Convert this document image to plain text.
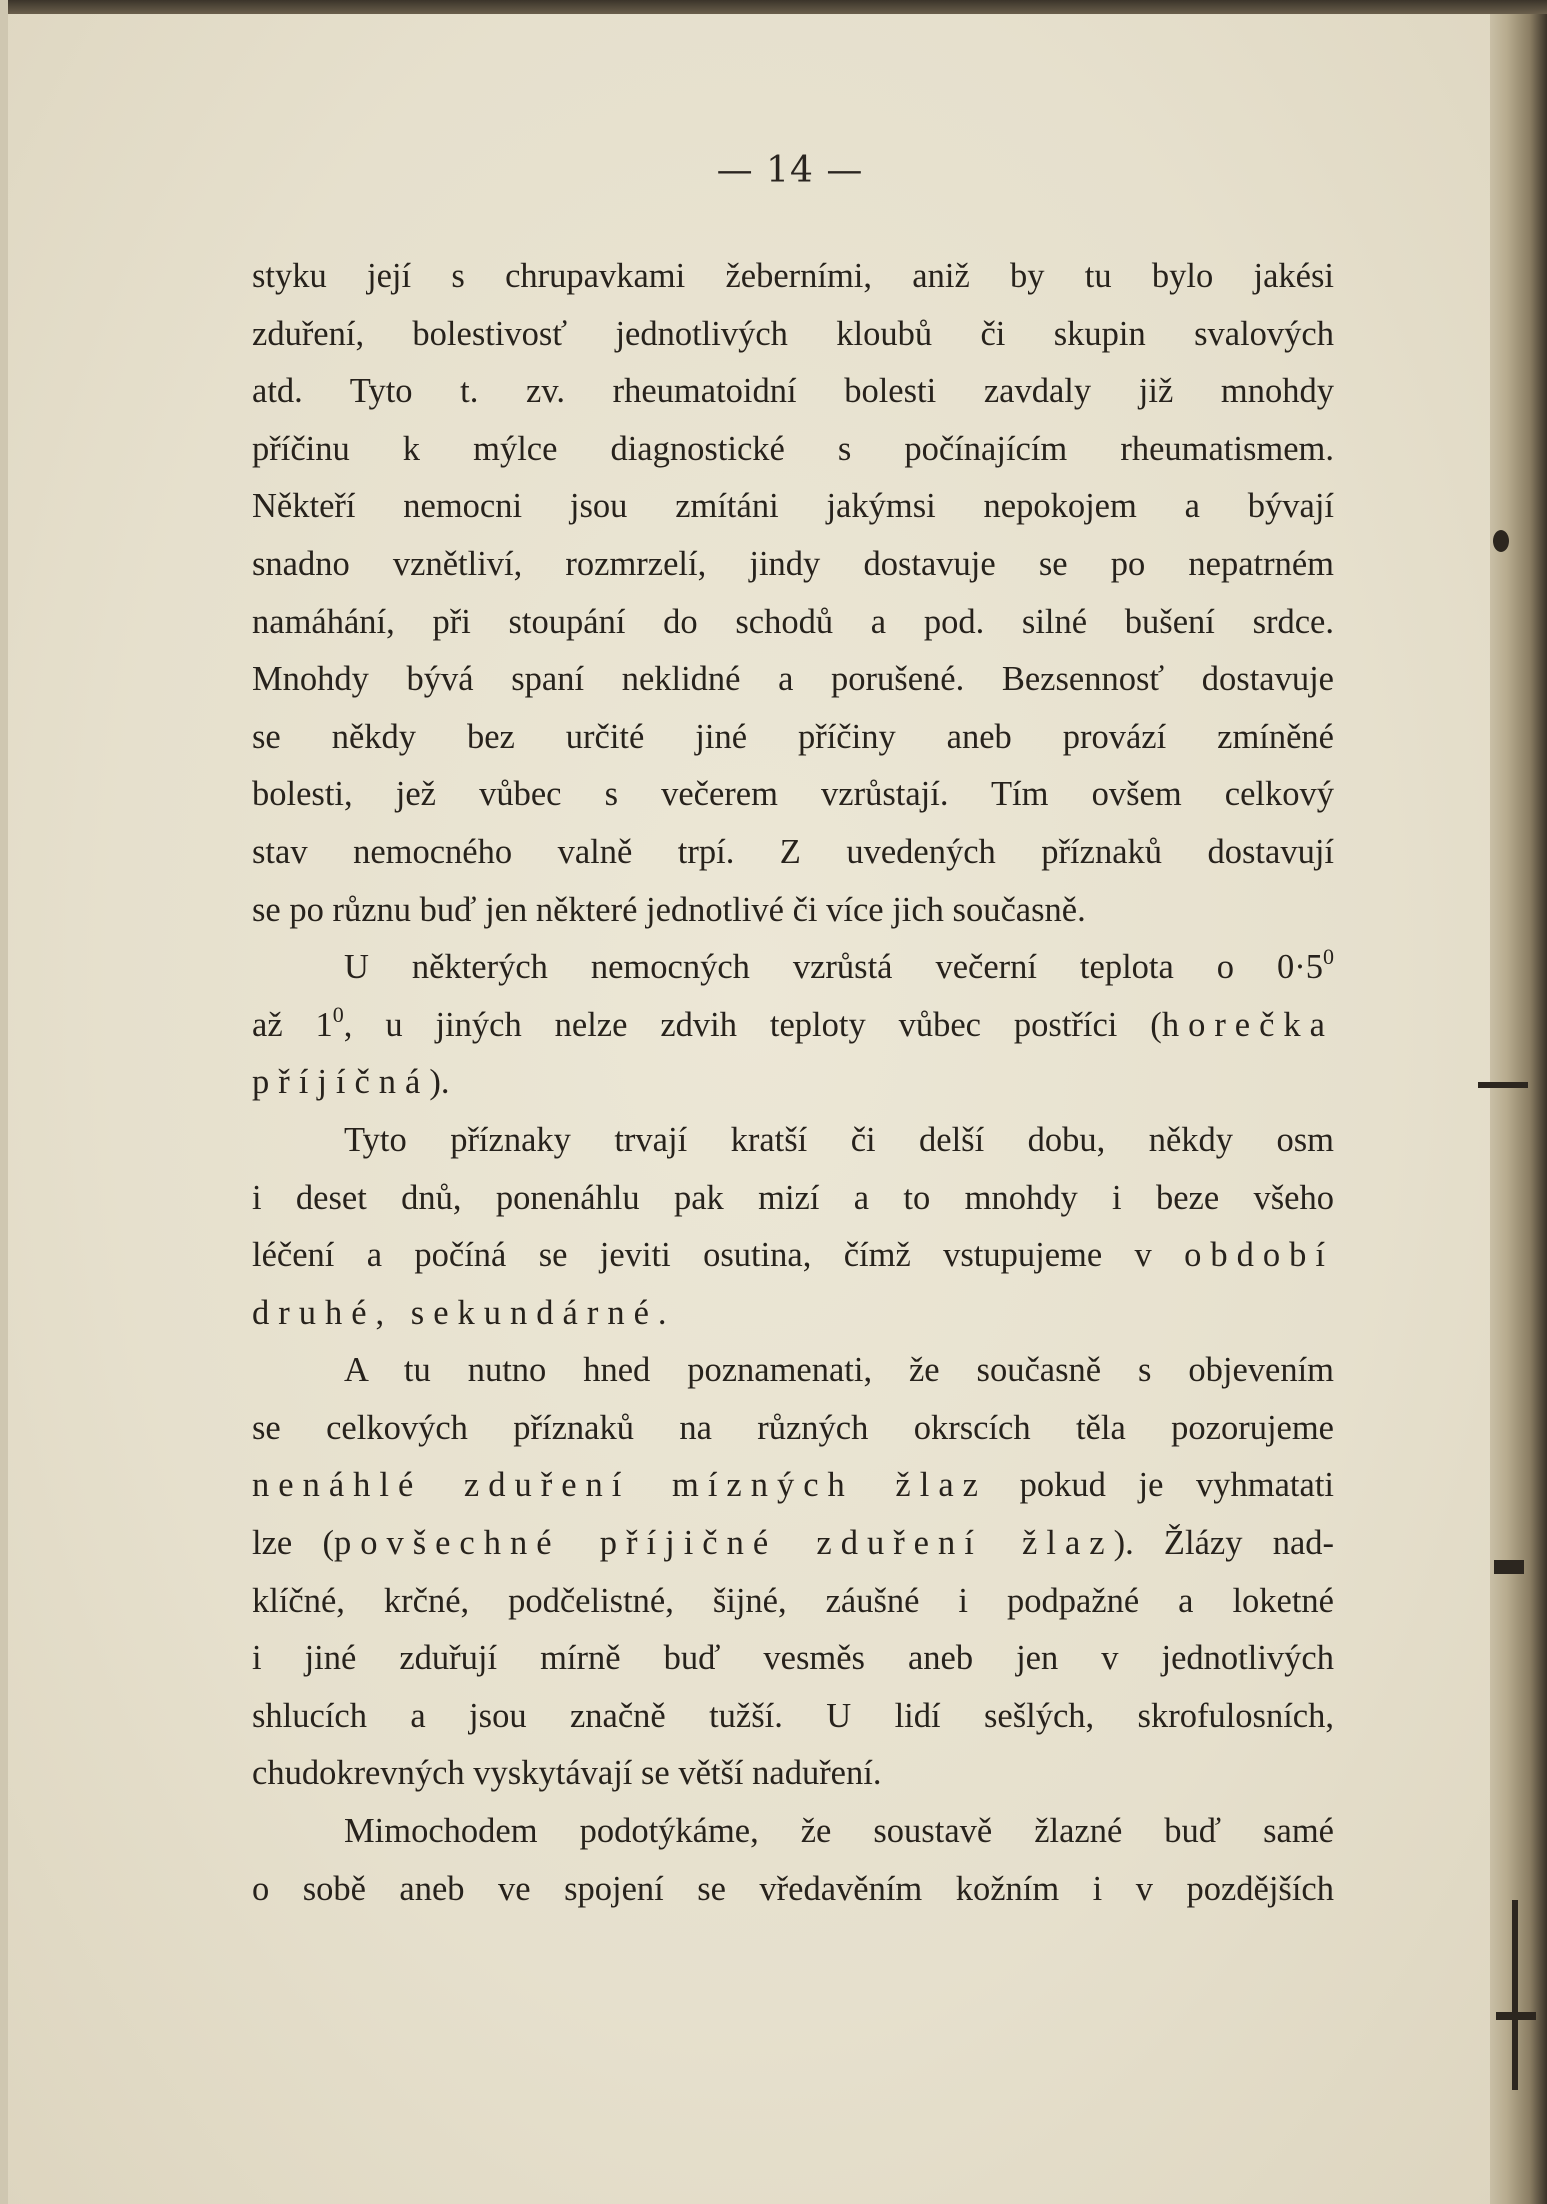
— 14 —
styku její s chrupavkami žeberními, aniž by tu bylo jakési
zduření, bolestivosť jednotlivých kloubů či skupin svalových
atd. Tyto t. zv. rheumatoidní bolesti zavdaly již mnohdy
příčinu k mýlce diagnostické s počínajícím rheumatismem.
Někteří nemocni jsou zmítáni jakýmsi nepokojem a bývají
snadno vznětliví, rozmrzelí, jindy dostavuje se po nepatrném
namáhání, při stoupání do schodů a pod. silné bušení srdce.
Mnohdy bývá spaní neklidné a porušené. Bezsennosť dostavuje
se někdy bez určité jiné příčiny aneb provází zmíněné
bolesti, jež vůbec s večerem vzrůstají. Tím ovšem celkový
stav nemocného valně trpí. Z uvedených příznaků dostavují
se po různu buď jen některé jednotlivé či více jich současně.
U některých nemocných vzrůstá večerní teplota o $0\cdot 5^0$
až $1^0$, u jiných nelze zdvih teploty vůbec postříci (horečka
příjíčná).
Tyto příznaky trvají kratší či delší dobu, někdy osm
i deset dnů, ponenáhlu pak mizí a to mnohdy i beze všeho
léčení a počíná se jeviti osutina, čímž vstupujeme v období
druhé, sekundárné.
A tu nutno hned poznamenati, že současně s objevením
se celkových příznaků na různých okrscích těla pozorujeme
nenáhlé zduření mízných žlaz pokud je vyhmatati
lze (povšechné příjičné zduření žlaz). Žlázy nad-
klíčné, krčné, podčelistné, šijné, záušné i podpažné a loketné
i jiné zduřují mírně buď vesměs aneb jen v jednotlivých
shlucích a jsou značně tužší. U lidí sešlých, skrofulosních,
chudokrevných vyskytávají se větší naduření.
Mimochodem podotýkáme, že soustavě žlazné buď samé
o sobě aneb ve spojení se vředavěním kožním i v pozdějších
